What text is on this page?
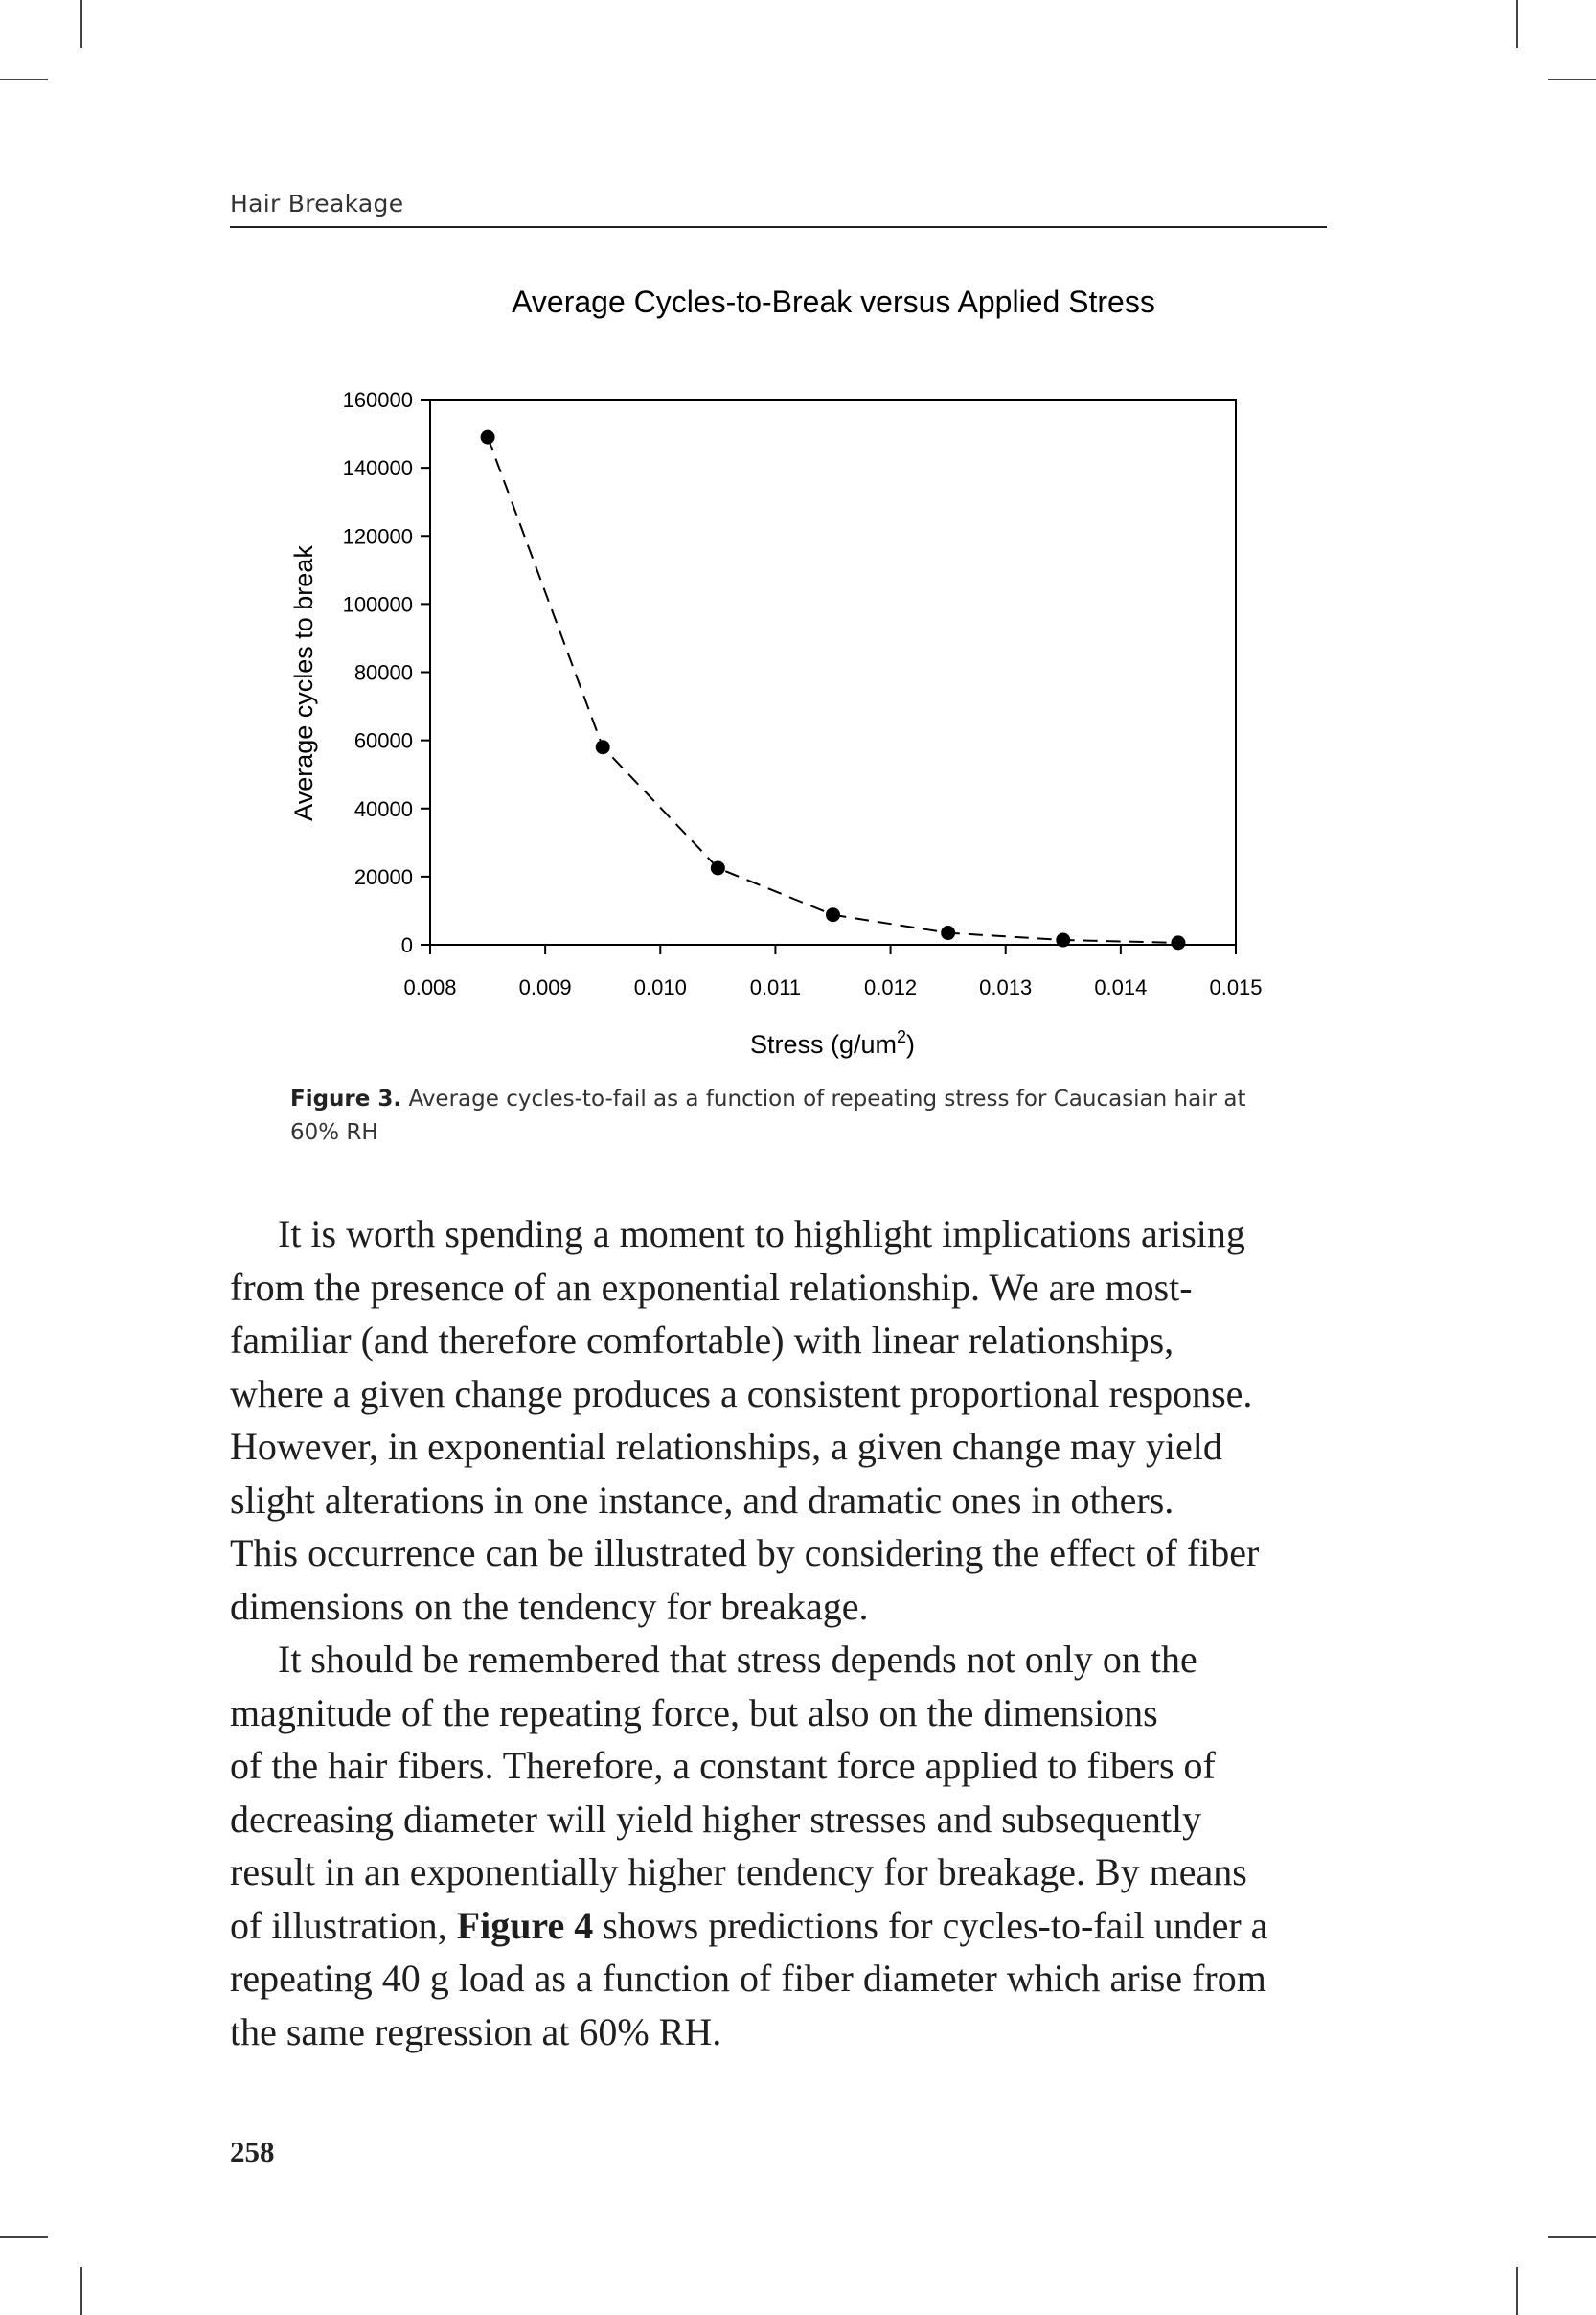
Hair Breakage
Average Cycles-to-Break versus Applied Stress
0
20000
40000
60000
80000
100000
120000
140000
160000
0.008	0.009	0.010	0.011	0.012	0.013	0.014	0.015
Average cycles to break
Stress $(g/um^2)$
Figure 3. Average cycles-to-fail as a function of repeating stress for Caucasian hair at 60% RH

It is worth spending a moment to highlight implications arising
from the presence of an exponential relationship. We are most-
familiar (and therefore comfortable) with linear relationships,
where a given change produces a consistent proportional response.
However, in exponential relationships, a given change may yield
slight alterations in one instance, and dramatic ones in others.
This occurrence can be illustrated by considering the effect of fiber
dimensions on the tendency for breakage.

It should be remembered that stress depends not only on the
magnitude of the repeating force, but also on the dimensions
of the hair fibers. Therefore, a constant force applied to fibers of
decreasing diameter will yield higher stresses and subsequently
result in an exponentially higher tendency for breakage. By means
of illustration, Figure 4 shows predictions for cycles-to-fail under a
repeating 40 g load as a function of fiber diameter which arise from
the same regression at 60% RH.

258
